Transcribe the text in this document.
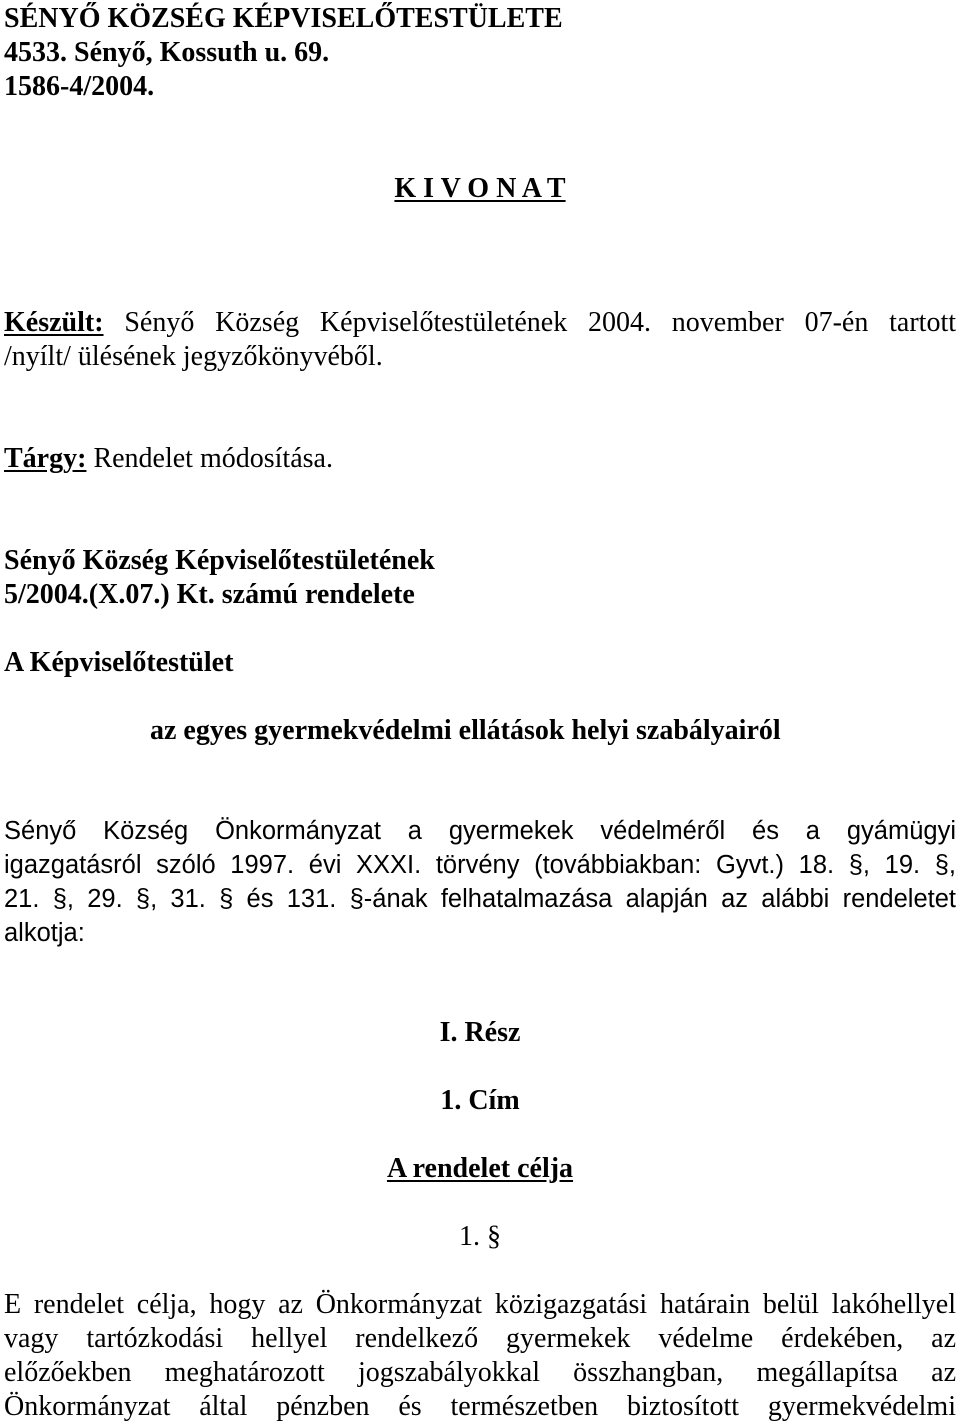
SÉNYŐ KÖZSÉG KÉPVISELŐTESTÜLETE
4533. Sényő, Kossuth u. 69.
1586-4/2004.
K I V O N A T
Készült: Sényő Község Képviselőtestületének 2004. november 07-én tartott
/nyílt/ ülésének jegyzőkönyvéből.
Tárgy: Rendelet módosítása.
Sényő Község Képviselőtestületének
5/2004.(X.07.) Kt. számú rendelete
A Képviselőtestület
az egyes gyermekvédelmi ellátások helyi szabályairól
Sényő Község Önkormányzat a gyermekek védelméről és a gyámügyi
igazgatásról szóló 1997. évi XXXI. törvény (továbbiakban: Gyvt.) 18. §, 19. §,
21. §, 29. §, 31. § és 131. §-ának felhatalmazása alapján az alábbi rendeletet
alkotja:
I. Rész
1. Cím
A rendelet célja
1. §
E rendelet célja, hogy az Önkormányzat közigazgatási határain belül lakóhellyel
vagy tartózkodási hellyel rendelkező gyermekek védelme érdekében, az
előzőekben meghatározott jogszabályokkal összhangban, megállapítsa az
Önkormányzat által pénzben és természetben biztosított gyermekvédelmi
